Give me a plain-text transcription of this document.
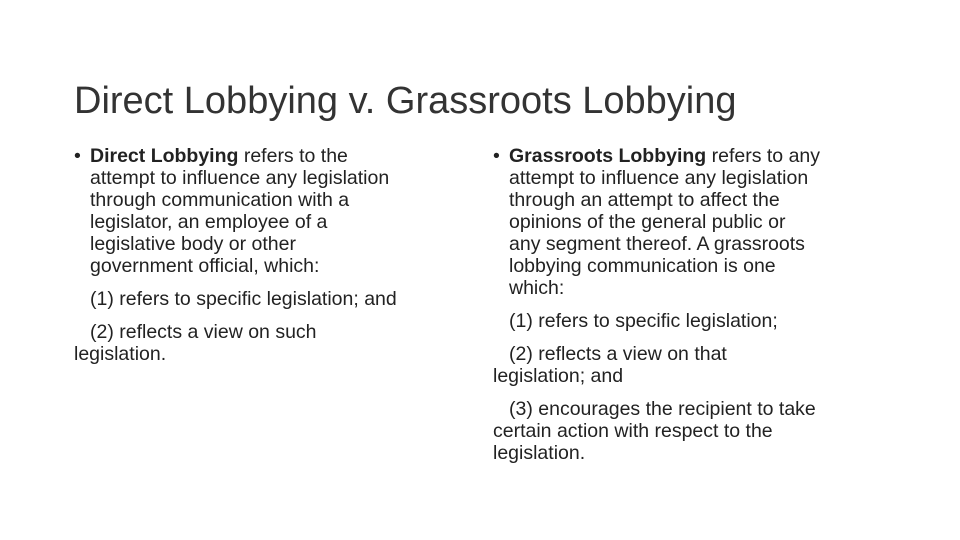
Direct Lobbying v. Grassroots Lobbying
• Direct Lobbying refers to the
attempt to influence any legislation
through communication with a
legislator, an employee of a
legislative body or other
government official, which:
(1) refers to specific legislation; and
(2) reflects a view on such
legislation.
• Grassroots Lobbying refers to any
attempt to influence any legislation
through an attempt to affect the
opinions of the general public or
any segment thereof. A grassroots
lobbying communication is one
which:
(1) refers to specific legislation;
(2) reflects a view on that
legislation; and
(3) encourages the recipient to take
certain action with respect to the
legislation.
